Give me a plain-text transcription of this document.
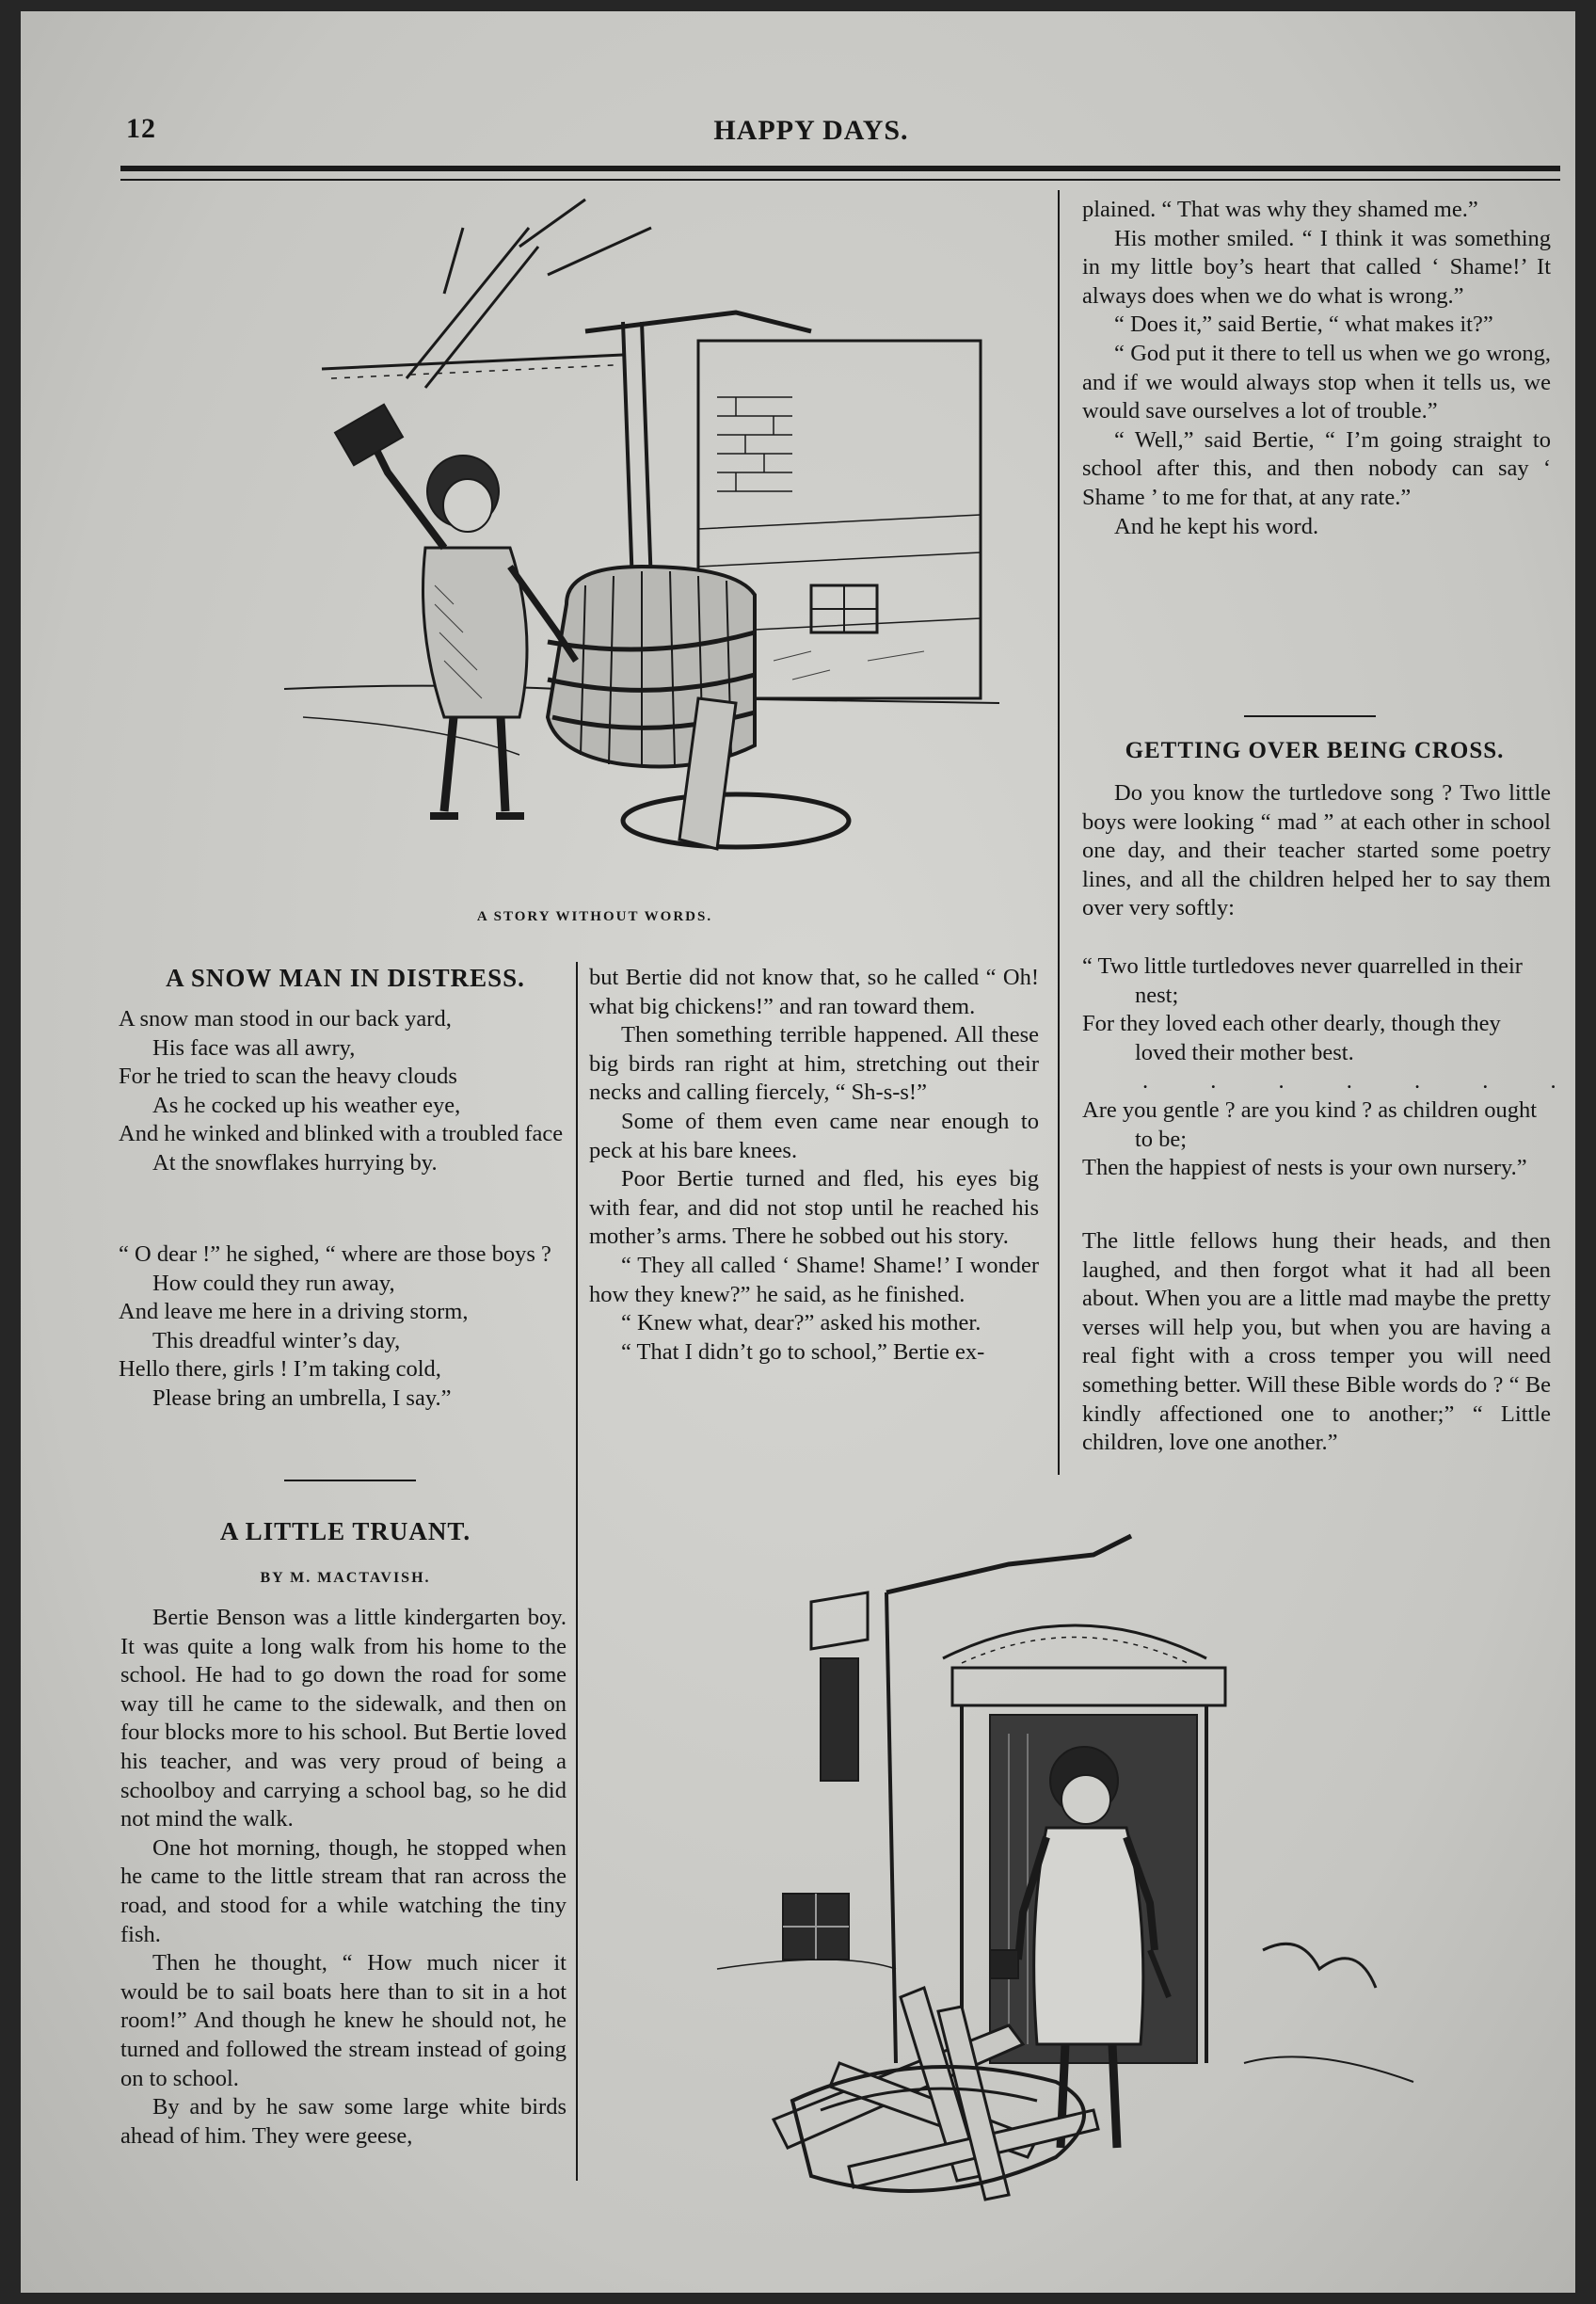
12	HAPPY DAYS.
A STORY WITHOUT WORDS.
A SNOW MAN IN DISTRESS.
A snow man stood in our back yard,
His face was all awry,
For he tried to scan the heavy clouds
As he cocked up his weather eye,
And he winked and blinked with a troubled face
At the snowflakes hurrying by.
“ O dear !” he sighed, “ where are those boys ?
How could they run away,
And leave me here in a driving storm,
This dreadful winter’s day,
Hello there, girls ! I’m taking cold,
Please bring an umbrella, I say.”
A LITTLE TRUANT.
BY M. MACTAVISH.

Bertie Benson was a little kindergarten boy. It was quite a long walk from his home to the school. He had to go down the road for some way till he came to the sidewalk, and then on four blocks more to his school. But Bertie loved his teacher, and was very proud of being a schoolboy and carrying a school bag, so he did not mind the walk.

One hot morning, though, he stopped when he came to the little stream that ran across the road, and stood for a while watching the tiny fish.

Then he thought, “ How much nicer it would be to sail boats here than to sit in a hot room!” And though he knew he should not, he turned and followed the stream instead of going on to school.

By and by he saw some large white birds ahead of him. They were geese,

but Bertie did not know that, so he called “ Oh! what big chickens!” and ran toward them.

Then something terrible happened. All these big birds ran right at him, stretching out their necks and calling fiercely, “ Sh-s-s!”

Some of them even came near enough to peck at his bare knees.

Poor Bertie turned and fled, his eyes big with fear, and did not stop until he reached his mother’s arms. There he sobbed out his story.

“ They all called ‘ Shame! Shame!’ I wonder how they knew?” he said, as he finished.

“ Knew what, dear?” asked his mother.

“ That I didn’t go to school,” Bertie ex-

plained. “ That was why they shamed me.”

His mother smiled. “ I think it was something in my little boy’s heart that called ‘ Shame!’ It always does when we do what is wrong.”

“ Does it,” said Bertie, “ what makes it?”

“ God put it there to tell us when we go wrong, and if we would always stop when it tells us, we would save ourselves a lot of trouble.”

“ Well,” said Bertie, “ I’m going straight to school after this, and then nobody can say ‘ Shame ’ to me for that, at any rate.”

And he kept his word.

GETTING OVER BEING CROSS.

Do you know the turtledove song ? Two little boys were looking “ mad ” at each other in school one day, and their teacher started some poetry lines, and all the children helped her to say them over very softly:

“ Two little turtledoves never quarrelled in their nest;
For they loved each other dearly, though they loved their mother best.
. . . . . . .
Are you gentle ? are you kind ? as children ought to be;
Then the happiest of nests is your own nursery.”

The little fellows hung their heads, and then laughed, and then forgot what it had all been about. When you are a little mad maybe the pretty verses will help you, but when you are having a real fight with a cross temper you will need something better. Will these Bible words do ? “ Be kindly affectioned one to another;” “ Little children, love one another.”
